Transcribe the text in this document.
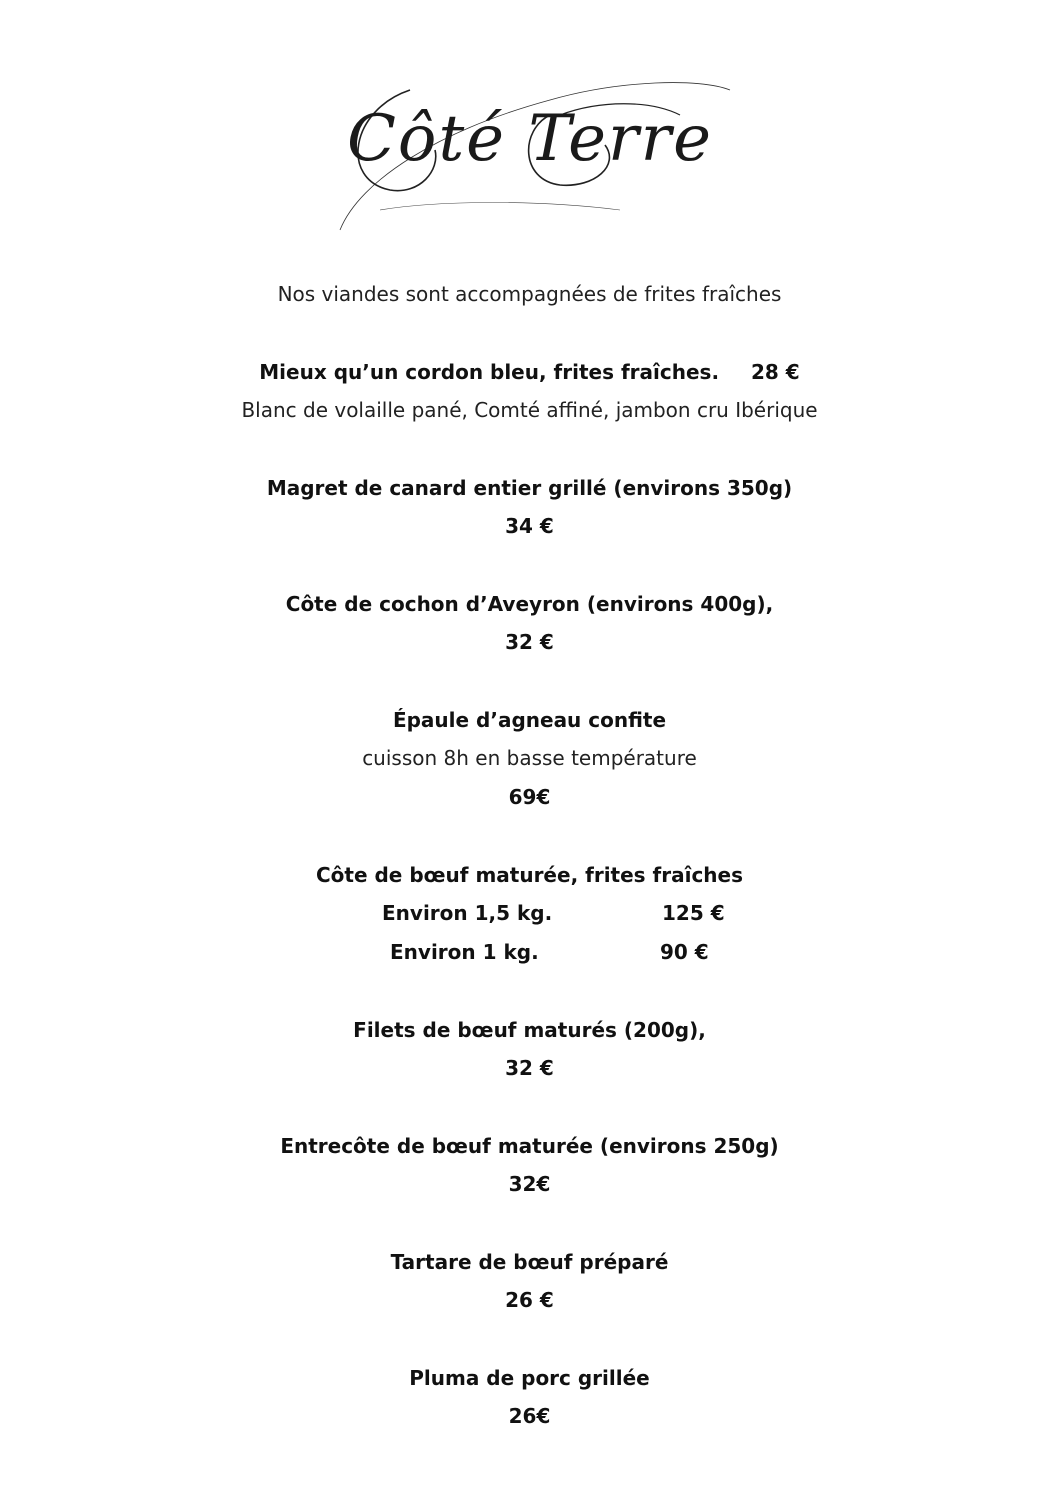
Côté Terre
Nos viandes sont accompagnées de frites fraîches
Mieux qu’un cordon bleu, frites fraîches. 28 €
Blanc de volaille pané, Comté affiné, jambon cru Ibérique
Magret de canard entier grillé (environs 350g)
34 €
Côte de cochon d’Aveyron (environs 400g),
32 €
Épaule d’agneau confite
cuisson 8h en basse température
69€
Côte de bœuf maturée, frites fraîches
Environ 1,5 kg.	125 €
Environ 1 kg.	90 €
Filets de bœuf maturés (200g),
32 €
Entrecôte de bœuf maturée (environs 250g)
32€
Tartare de bœuf préparé
26 €
Pluma de porc grillée
26€
